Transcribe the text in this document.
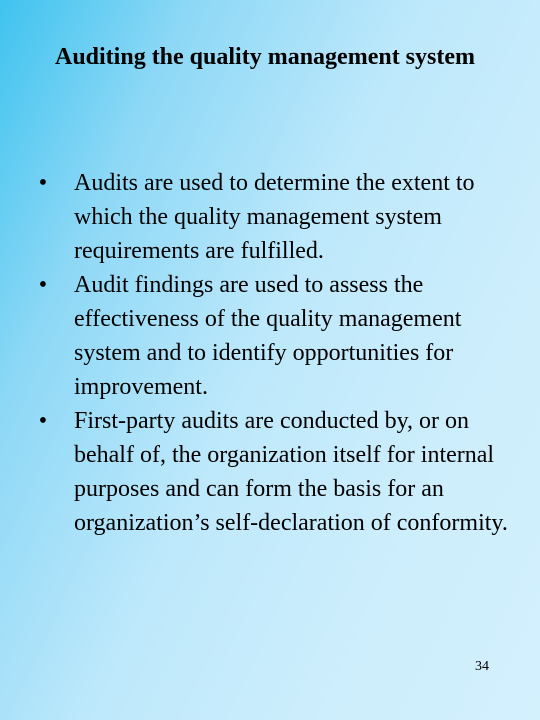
Auditing the quality management system
• Audits are used to determine the extent to which the quality management system requirements are fulfilled.
• Audit findings are used to assess the effectiveness of the quality management system and to identify opportunities for improvement.
• First-party audits are conducted by, or on behalf of, the organization itself for internal purposes and can form the basis for an organization’s self-declaration of conformity.
34
